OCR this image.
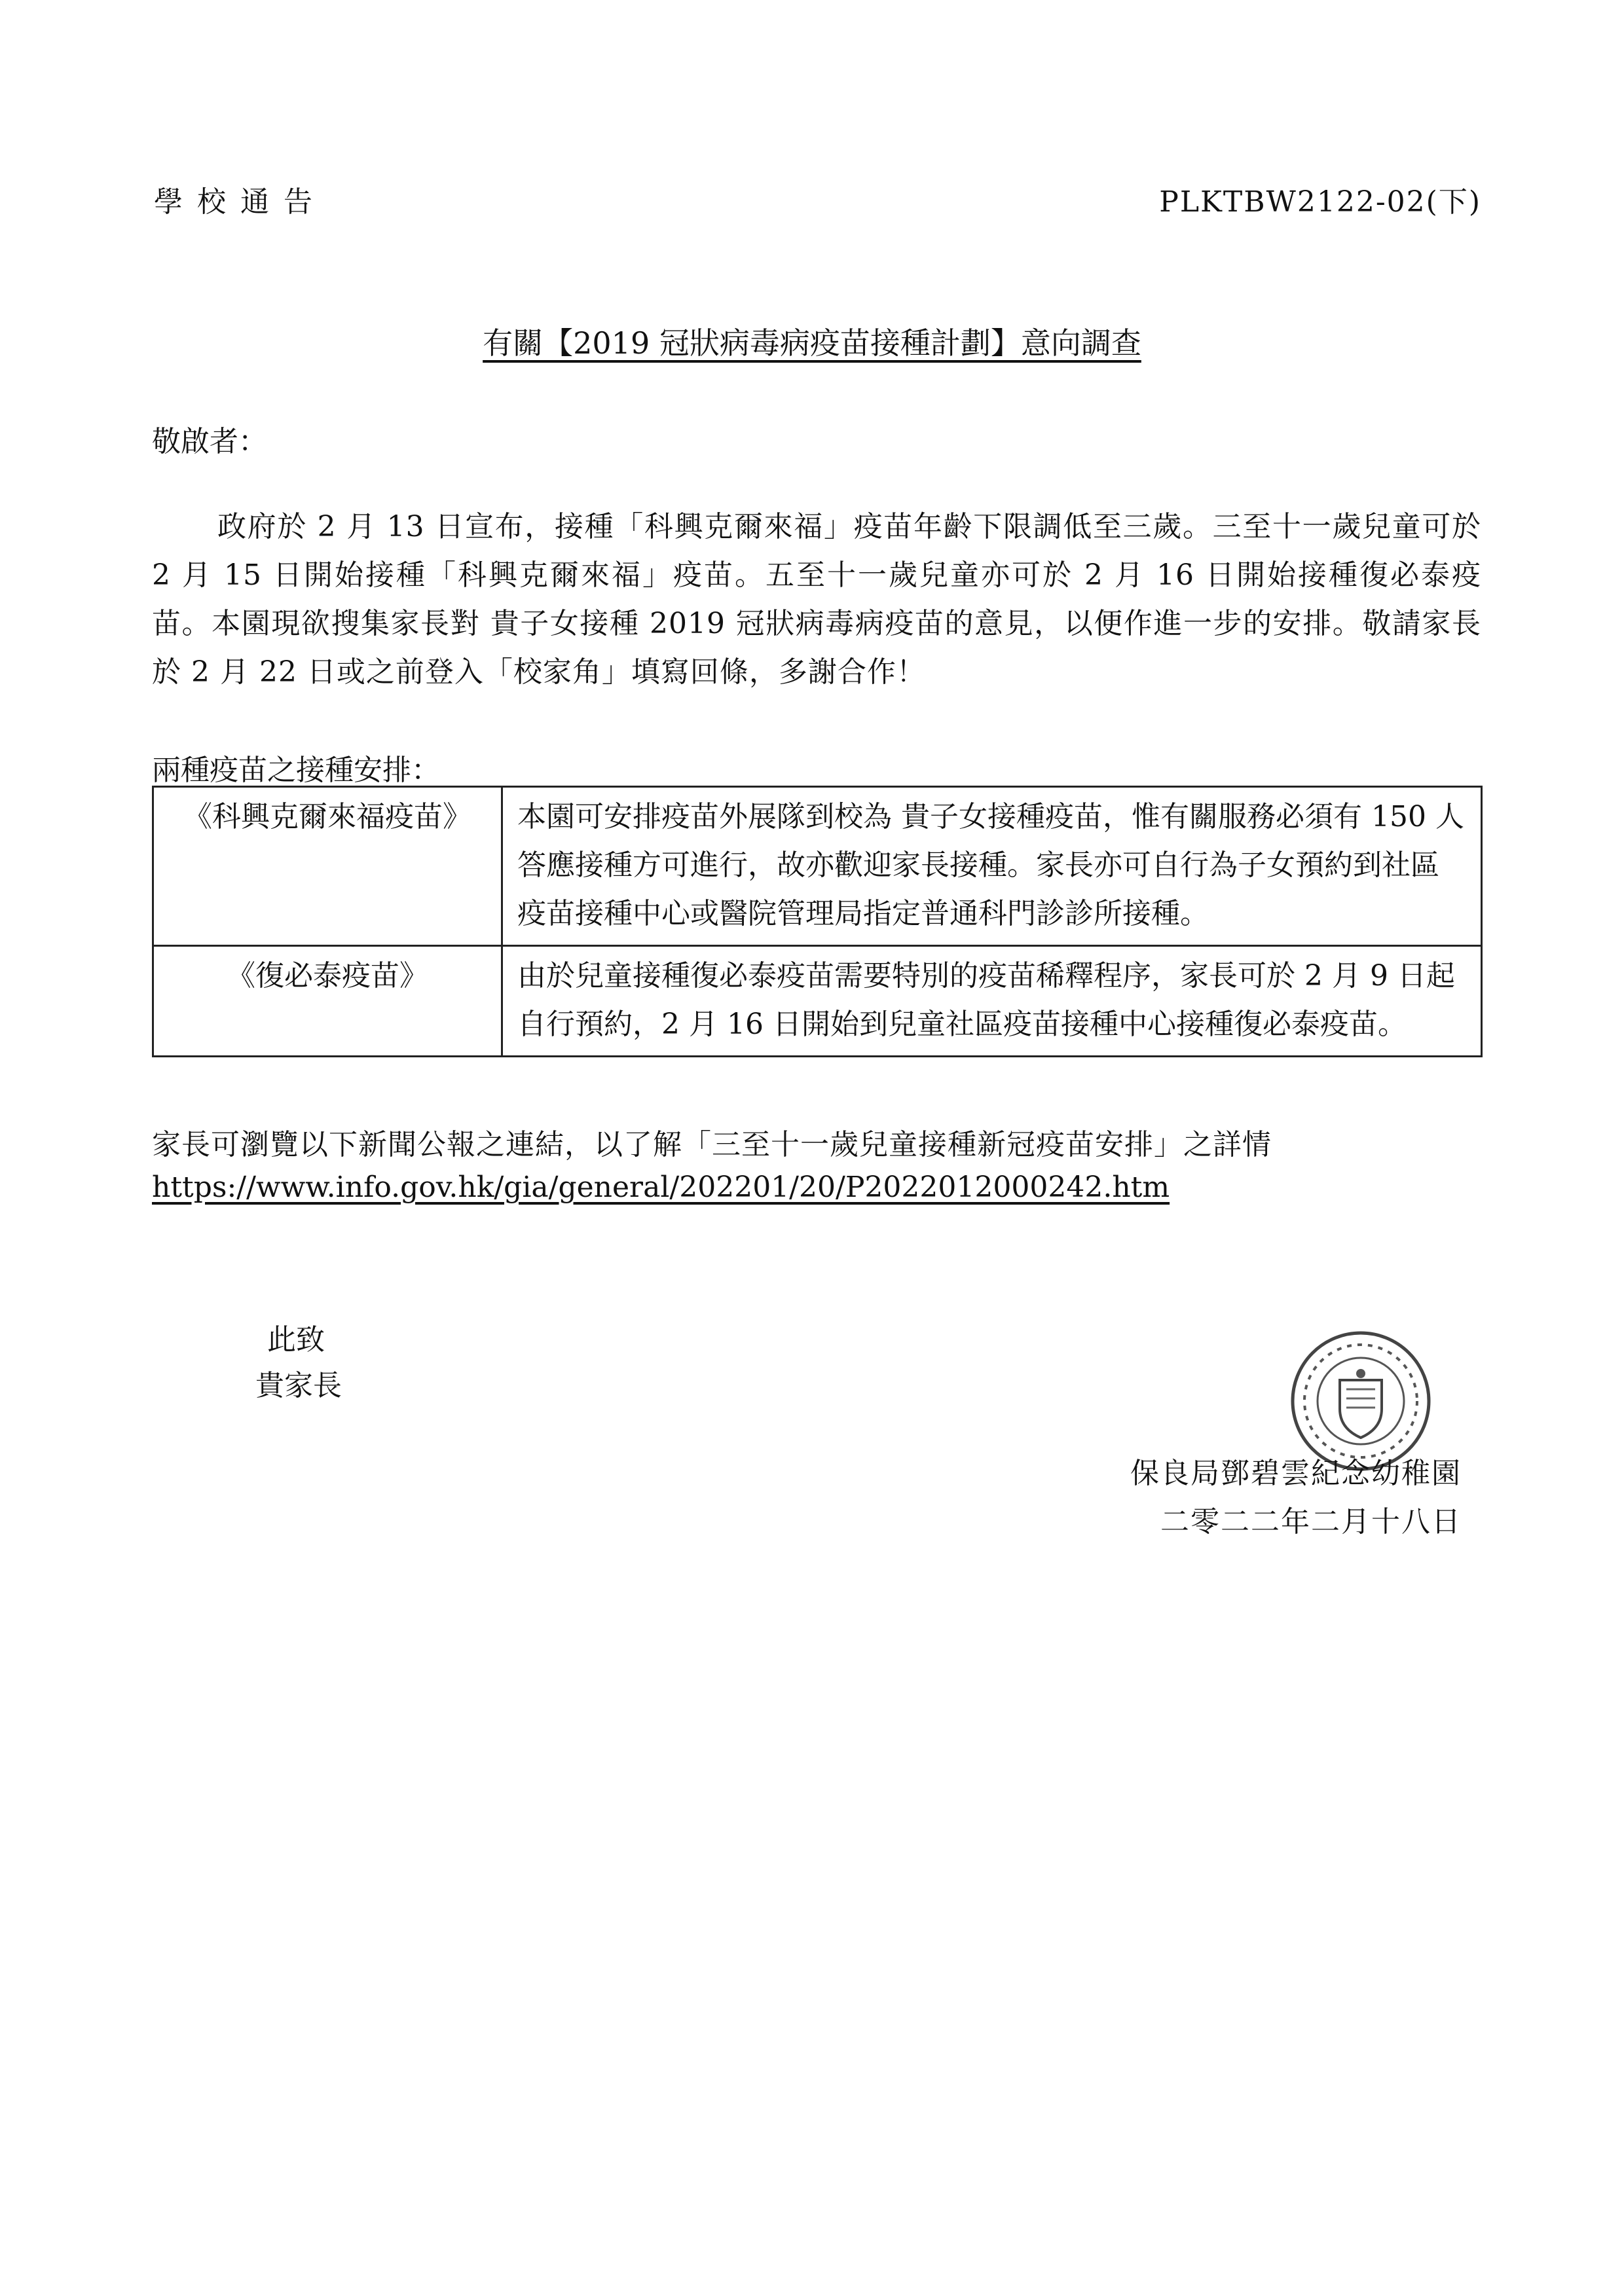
學校通告	PLKTBW2122-02(下)
有關【2019 冠狀病毒病疫苗接種計劃】意向調查
敬啟者：
政府於 2 月 13 日宣布，接種「科興克爾來福」疫苗年齡下限調低至三歲。三至十一歲兒童可於 2 月 15 日開始接種「科興克爾來福」疫苗。五至十一歲兒童亦可於 2 月 16 日開始接種復必泰疫苗。本園現欲搜集家長對 貴子女接種 2019 冠狀病毒病疫苗的意見，以便作進一步的安排。敬請家長於 2 月 22 日或之前登入「校家角」填寫回條，多謝合作！
兩種疫苗之接種安排：
《科興克爾來福疫苗》	本園可安排疫苗外展隊到校為 貴子女接種疫苗，惟有關服務必須有 150 人答應接種方可進行，故亦歡迎家長接種。家長亦可自行為子女預約到社區疫苗接種中心或醫院管理局指定普通科門診診所接種。
《復必泰疫苗》	由於兒童接種復必泰疫苗需要特別的疫苗稀釋程序，家長可於 2 月 9 日起自行預約，2 月 16 日開始到兒童社區疫苗接種中心接種復必泰疫苗。
家長可瀏覽以下新聞公報之連結，以了解「三至十一歲兒童接種新冠疫苗安排」之詳情
https://www.info.gov.hk/gia/general/202201/20/P2022012000242.htm
此致
貴家長
保良局鄧碧雲紀念幼稚園
二零二二年二月十八日
